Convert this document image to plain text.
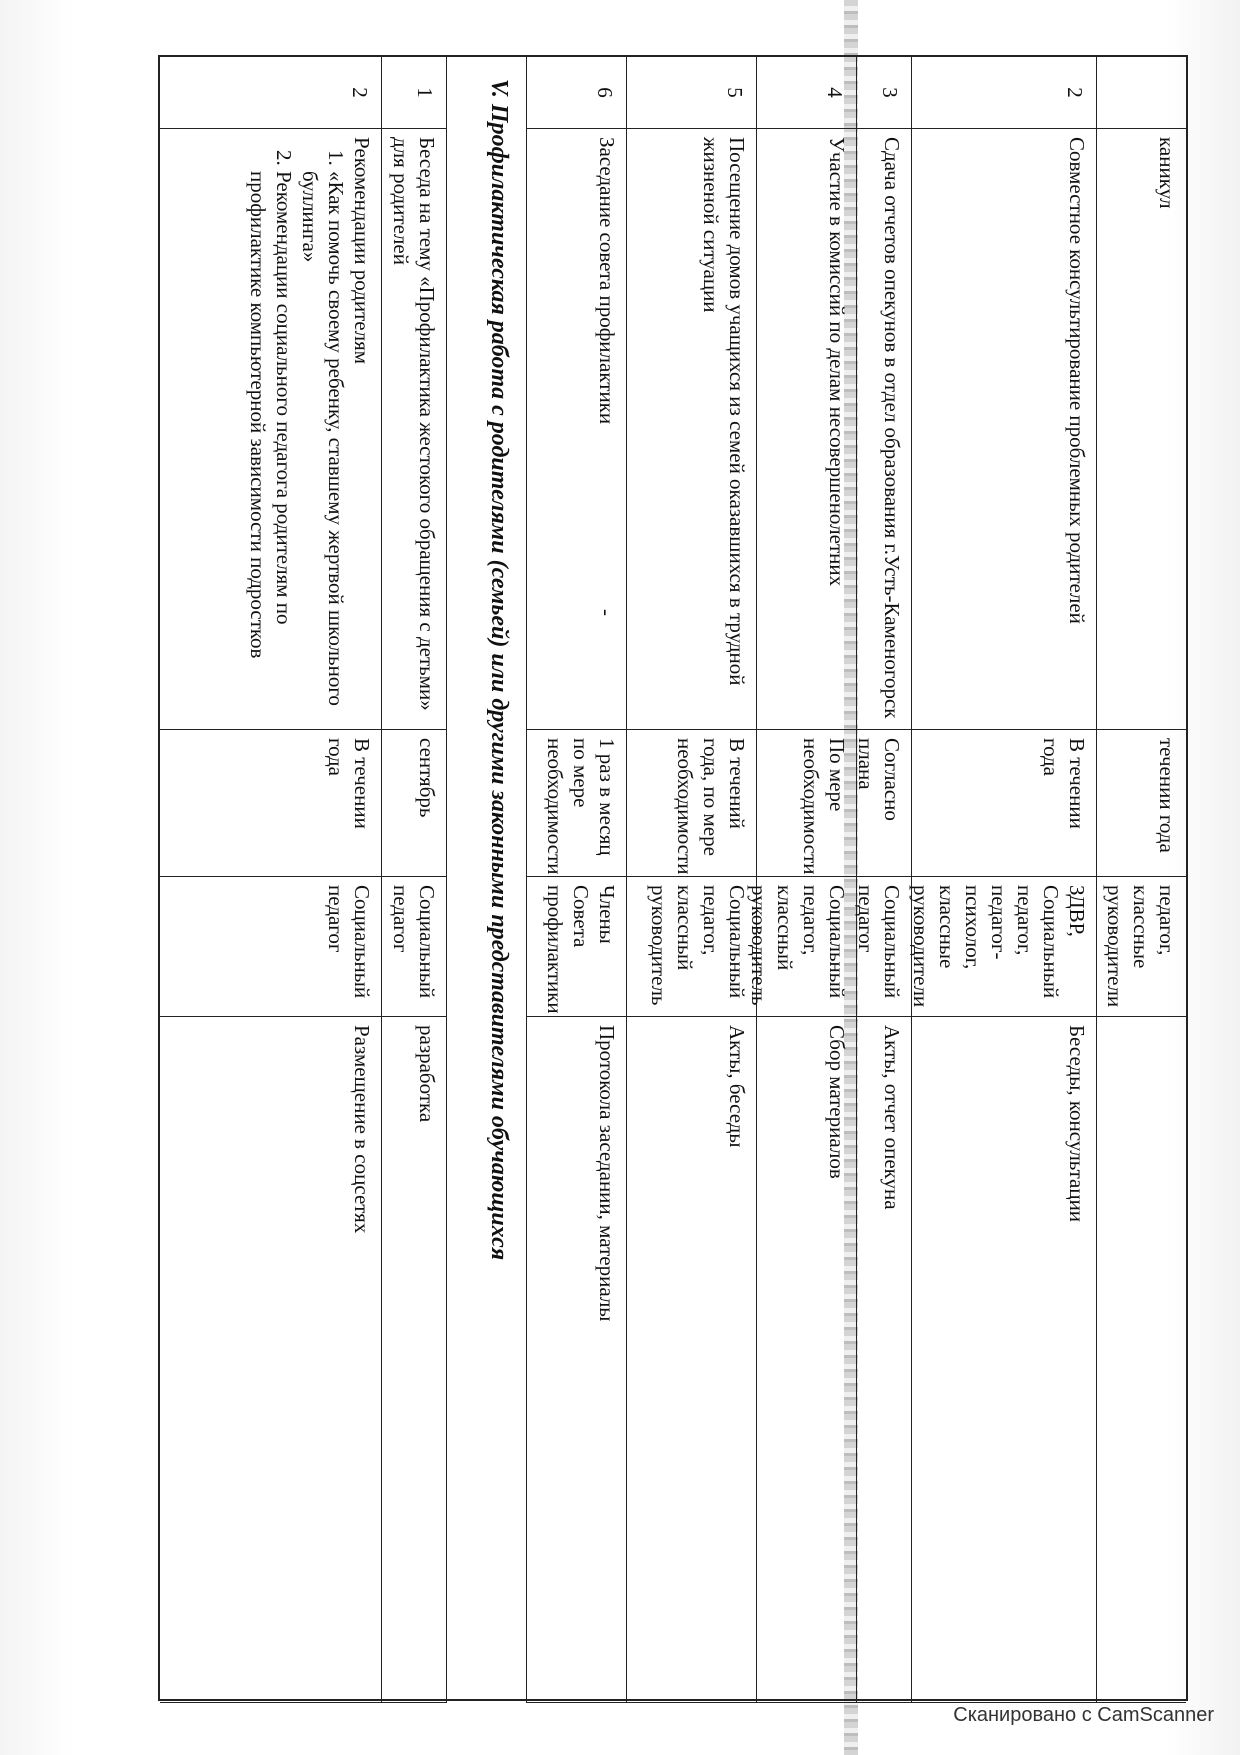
каникул
течении года
педагог, классные руководители
2
Совместное консультирование проблемных родителей
В течении года
ЗДВР, Социальный педагог, педагог-психолог, классные руководители
Беседы, консультации
3
Сдача отчетов опекунов в отдел образования г.Усть-Каменогорск
Согласно плана
Социальный педагог
Акты, отчет опекуна
4
Участие в комиссий по делам несовершенолетних
По мере необходимости
Социальный педагог, классный руководитель
Сбор материалов
5
Посещение домов учащихся из семей оказавшихся в трудной жизненой ситуации
В течений года, по мере необходимости
Социальный педагог, классный руководитель
Акты, беседы
6
Заседание совета профилактики
-
1 раз в месяц по мере необходимости
Члены Совета профилактики
Протокола заседании, материалы
V. Профилактическая работа с родителями (семьей) или другими законными представителями обучающихся
1
Беседа на тему «Профилактика жестокого обращения с детьми» для родителей
сентябрь
Социальный педагог
разработка
2
Рекомендации родителям
1. «Как помочь своему ребенку, ставшему жертвой школьного буллинга»
2. Рекомендации социального педагога родителям по профилактике компьютерной зависимости подростков
В течении года
Социальный педагог
Размещение в соцсетях
Сканировано с CamScanner
